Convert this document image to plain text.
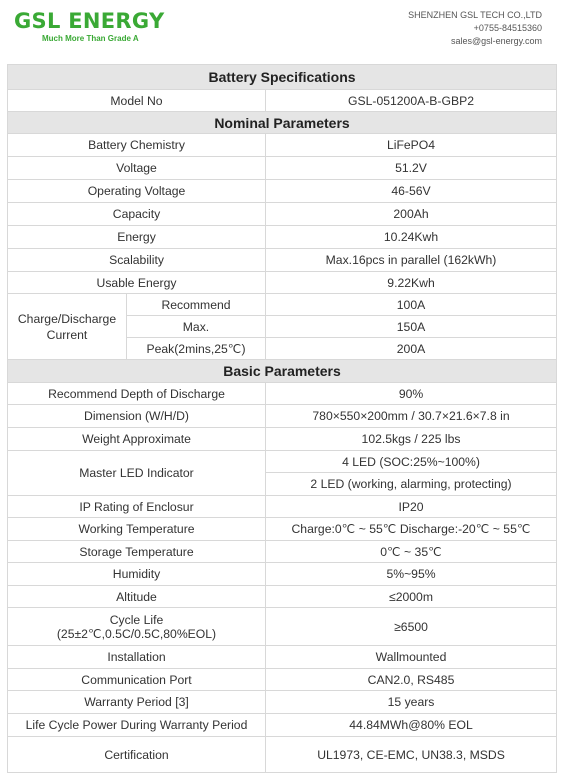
GSL ENERGY
Much More Than Grade A
SHENZHEN GSL TECH CO.,LTD
+0755-84515360
sales@gsl-energy.com
Battery Specifications		
Model No		GSL-051200A-B-GBP2
Nominal Parameters		
Battery Chemistry		LiFePO4
Voltage		51.2V
Operating Voltage		46-56V
Capacity		200Ah
Energy		10.24Kwh
Scalability		Max.16pcs in parallel (162kWh)
Usable Energy		9.22Kwh
Charge/Discharge Current	Recommend	100A
	Max.	150A
	Peak(2mins,25℃)	200A
Basic Parameters		
Recommend Depth of Discharge		90%
Dimension (W/H/D)		780×550×200mm / 30.7×21.6×7.8 in
Weight Approximate		102.5kgs / 225 lbs
Master LED Indicator		4 LED (SOC:25%~100%)
		2 LED (working, alarming, protecting)
IP Rating of Enclosur		IP20
Working Temperature		Charge:0℃ ~ 55℃ Discharge:-20℃ ~ 55℃
Storage Temperature		0℃ ~ 35℃
Humidity		5%~95%
Altitude		≤2000m

Cycle Life
(25±2℃,0.5C/0.5C,80%EOL)		≥6500
Installation		Wallmounted
Communication Port		CAN2.0, RS485
Warranty Period [3]		15 years
Life Cycle Power During Warranty Period		44.84MWh@80% EOL
Certification		UL1973, CE-EMC, UN38.3, MSDS
